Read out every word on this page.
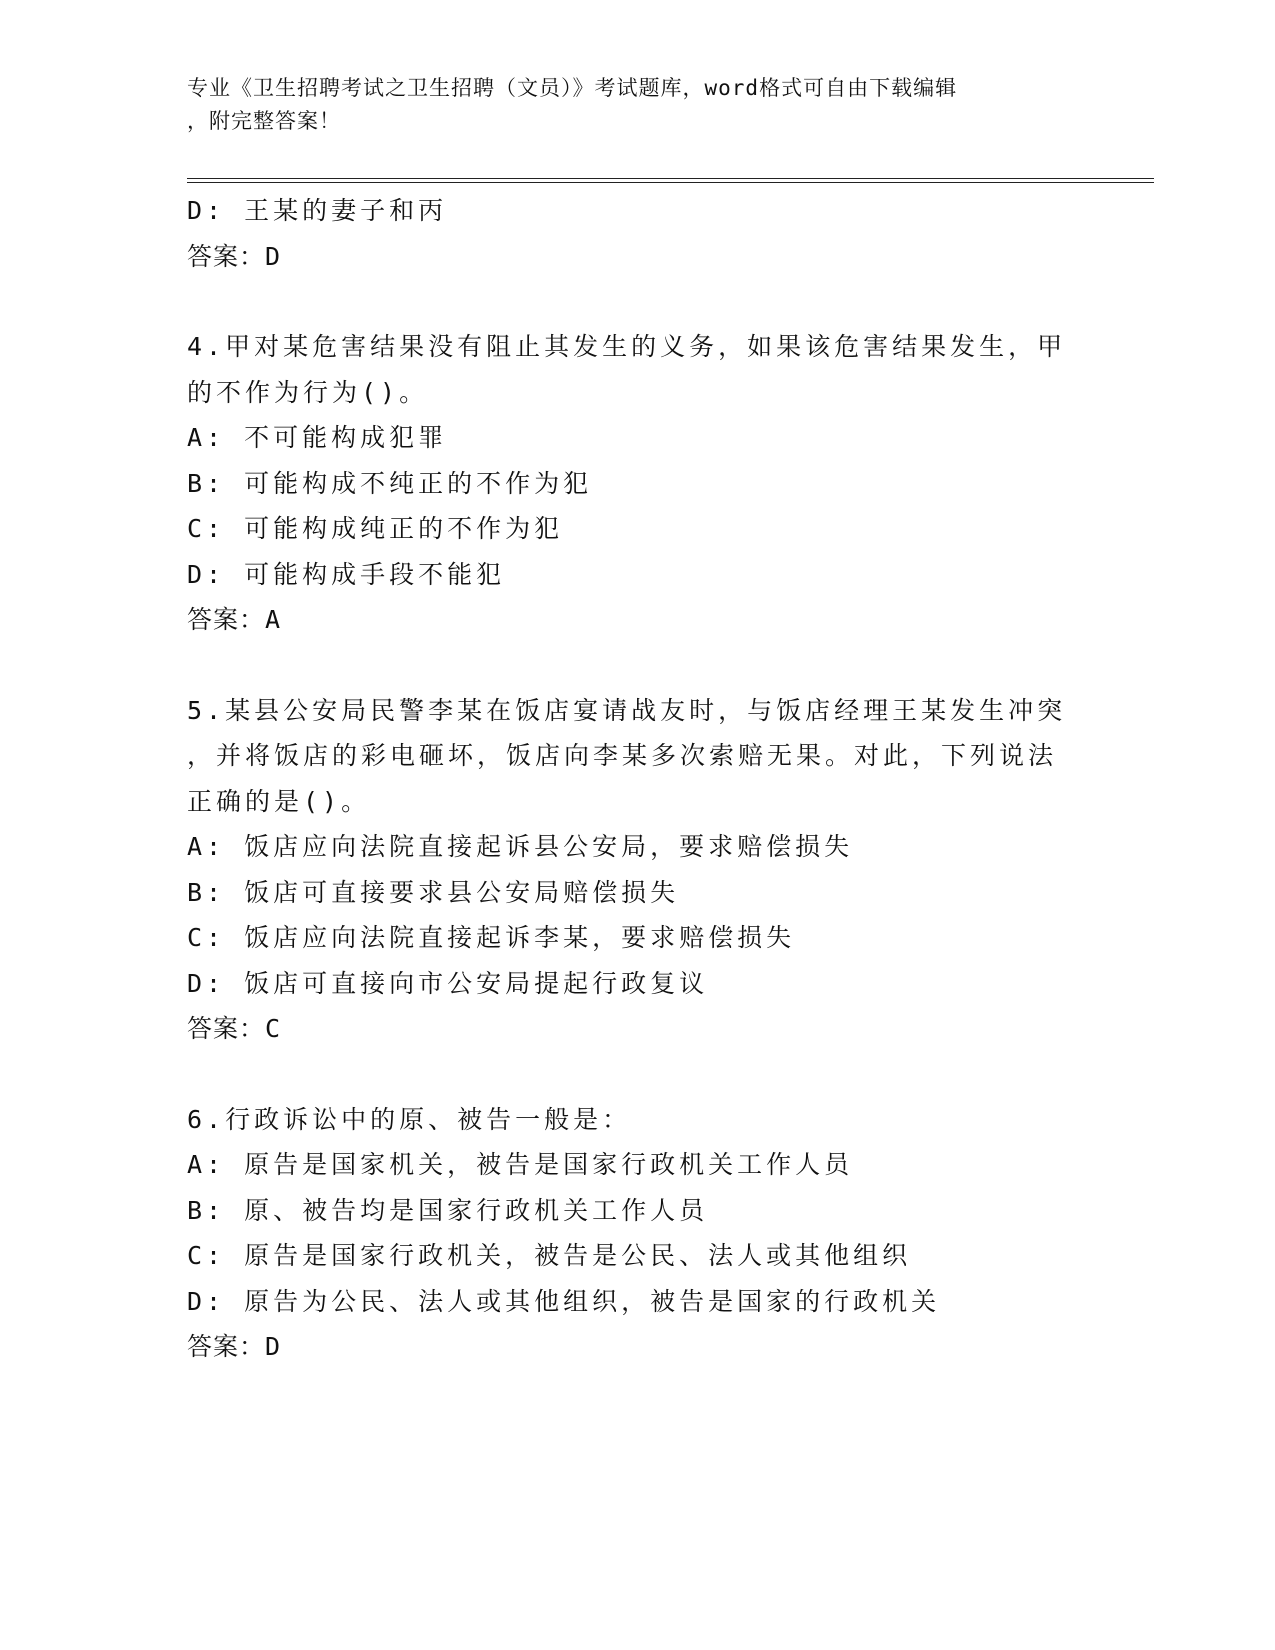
专业《卫生招聘考试之卫生招聘（文员）》考试题库，word格式可自由下载编辑
，附完整答案！
D: 王某的妻子和丙
答案：D
4.甲对某危害结果没有阻止其发生的义务，如果该危害结果发生，甲
的不作为行为()。
A: 不可能构成犯罪
B: 可能构成不纯正的不作为犯
C: 可能构成纯正的不作为犯
D: 可能构成手段不能犯
答案：A
5.某县公安局民警李某在饭店宴请战友时，与饭店经理王某发生冲突
，并将饭店的彩电砸坏，饭店向李某多次索赔无果。对此，下列说法
正确的是()。
A: 饭店应向法院直接起诉县公安局，要求赔偿损失
B: 饭店可直接要求县公安局赔偿损失
C: 饭店应向法院直接起诉李某，要求赔偿损失
D: 饭店可直接向市公安局提起行政复议
答案：C
6.行政诉讼中的原、被告一般是：
A: 原告是国家机关，被告是国家行政机关工作人员
B: 原、被告均是国家行政机关工作人员
C: 原告是国家行政机关，被告是公民、法人或其他组织
D: 原告为公民、法人或其他组织，被告是国家的行政机关
答案：D
